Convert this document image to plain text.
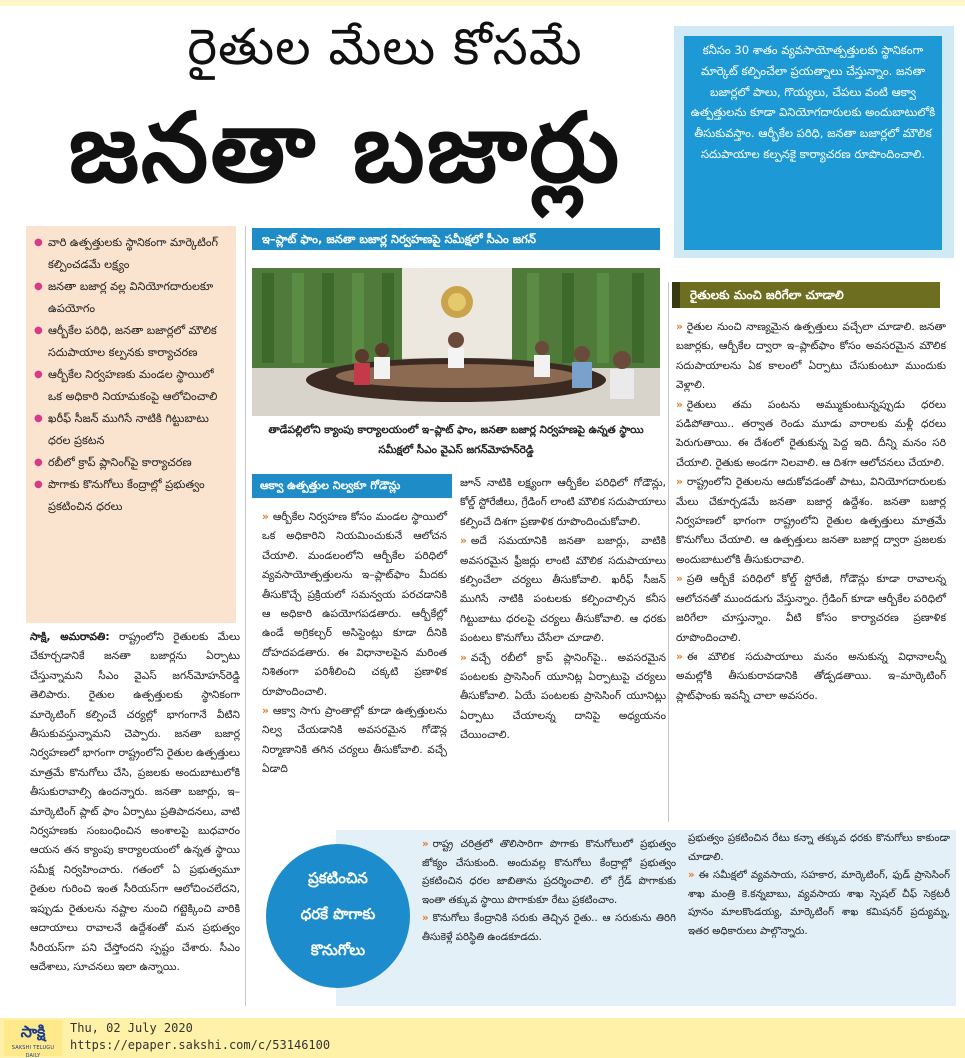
రైతుల మేలు కోసమే
జనతా బజార్లు
కనీసం 30 శాతం వ్యవసాయోత్పత్తులకు స్థానికంగా మార్కెట్‌ కల్పించేలా ప్రయత్నాలు చేస్తున్నాం. జనతా బజార్లలో పాలు, గొయ్యలు, చేపలు వంటి ఆక్వా ఉత్పత్తులను కూడా వినియోగదారులకు అందుబాటులోకి తీసుకువస్తాం. ఆర్బీకేల పరిధి, జనతా బజార్లలో మౌలిక సదుపాయాల కల్పనకై కార్యాచరణ రూపొందించాలి.
● వారి ఉత్పత్తులకు స్థానికంగా మార్కెటింగ్‌ కల్పించడమే లక్ష్యం
● జనతా బజార్ల వల్ల వినియోగదారులకూ ఉపయోగం
● ఆర్బీకేల పరిధి, జనతా బజార్లలో మౌలిక సదుపాయాల కల్పనకు కార్యాచరణ
● ఆర్బీకేల నిర్వహణకు మండల స్థాయిలో ఒక అధికారి నియామకంపై ఆలోచించాలి
● ఖరీఫ్‌ సీజన్‌ ముగిసే నాటికి గిట్టుబాటు ధరల ప్రకటన
● రబీలో క్రాప్‌ ప్లానింగ్‌పై కార్యాచరణ
● పొగాకు కొనుగోలు కేంద్రాల్లో ప్రభుత్వం ప్రకటించిన ధరలు
ఇ–ప్లాట్‌ ఫాం, జనతా బజార్ల నిర్వహణపై సమీక్షలో సీఎం జగన్‌
తాడేపల్లిలోని క్యాంపు కార్యాలయంలో ఇ–ప్లాట్‌ ఫాం, జనతా బజార్ల నిర్వహణపై ఉన్నత స్థాయి సమీక్షలో సీఎం వైఎస్‌ జగన్‌మోహన్‌రెడ్డి
రైతులకు మంచి జరిగేలా చూడాలి

» రైతుల నుంచి నాణ్యమైన ఉత్పత్తులు వచ్చేలా చూడాలి. జనతా బజార్లకు, ఆర్బీకేల ద్వారా ఇ–ప్లాట్‌ఫాం కోసం అవసరమైన మౌలిక సదుపాయాలను ఏక కాలంలో ఏర్పాటు చేసుకుంటూ ముందుకు వెళ్లాలి.

» రైతులు తమ పంటను అమ్ముకుంటున్నప్పుడు ధరలు పడిపోతాయి.. తర్వాత రెండు మూడు వారాలకు మళ్లీ ధరలు పెరుగుతాయి. ఈ దేశంలో రైతుకున్న పెద్ద ఇది. దీన్ని మనం సరి చేయాలి. రైతుకు అండగా నిలవాలి. ఆ దిశగా ఆలోచనలు చేయాలి.

» రాష్ట్రంలోని రైతులను ఆదుకోవడంతో పాటు, వినియోగదారులకు మేలు చేకూర్చడమే జనతా బజార్ల ఉద్దేశం. జనతా బజార్ల నిర్వహణలో భాగంగా రాష్ట్రంలోని రైతుల ఉత్పత్తులు మాత్రమే కొనుగోలు చేయాలి. ఆ ఉత్పత్తులు జనతా బజార్ల ద్వారా ప్రజలకు అందుబాటులోకి తీసుకురావాలి.

» ప్రతి ఆర్బీకే పరిధిలో కోల్డ్‌ స్టోరేజీ, గోడౌన్లు కూడా రావాలన్న ఆలోచనతో ముందడుగు వేస్తున్నాం. గ్రేడింగ్‌ కూడా ఆర్బీకేల పరిధిలో జరిగేలా చూస్తున్నాం. వీటి కోసం కార్యాచరణ ప్రణాళిక రూపొందించాలి.

» ఈ మౌలిక సదుపాయాలు మనం అనుకున్న విధానాలన్నీ అమల్లోకి తీసుకురావడానికి తోడ్పడతాయి. ఇ–మార్కెటింగ్‌ ప్లాట్‌ఫాంకు ఇవన్నీ చాలా అవసరం.

ఆక్వా ఉత్పత్తుల నిల్వకూ గోడౌన్లు

» ఆర్బీకేల నిర్వహణ కోసం మండల స్థాయిలో ఒక అధికారిని నియమించుకునే ఆలోచన చేయాలి. మండలంలోని ఆర్బీకేల పరిధిలో వ్యవసాయోత్పత్తులను ఇ–ప్లాట్‌ఫాం మీదకు తీసుకొచ్చే ప్రక్రియలో సమన్వయ పరచడానికి ఆ అధికారి ఉపయోగపడతారు. ఆర్బీకేల్లో ఉండే అగ్రికల్చర్‌ అసిస్టెంట్లు కూడా దీనికి దోహదపడతారు. ఈ విధానాలపైన మరింత నిశితంగా పరిశీలించి చక్కటి ప్రణాళిక రూపొందించాలి.

» ఆక్వా సాగు ప్రాంతాల్లో కూడా ఉత్పత్తులను నిల్వ చేయడానికి అవసరమైన గోడౌన్ల నిర్మాణానికి తగిన చర్యలు తీసుకోవాలి. వచ్చే ఏడాది

జూన్‌ నాటికి లక్ష్యంగా ఆర్బీకేల పరిధిలో గోడౌన్లు, కోల్డ్‌ స్టోరేజీలు, గ్రేడింగ్‌ లాంటి మౌలిక సదుపాయాలు కల్పించే దిశగా ప్రణాళిక రూపొందించుకోవాలి.

» అదే సమయానికి జనతా బజార్లు, వాటికి అవసరమైన ఫ్రీజర్లు లాంటి మౌలిక సదుపాయాలు కల్పించేలా చర్యలు తీసుకోవాలి. ఖరీఫ్‌ సీజన్‌ ముగిసే నాటికి పంటలకు కల్పించాల్సిన కనీస గిట్టుబాటు ధరలపై చర్యలు తీసుకోవాలి. ఆ ధరకు పంటలు కొనుగోలు చేసేలా చూడాలి.

» వచ్చే రబీలో క్రాప్‌ ప్లానింగ్‌పై.. అవసరమైన పంటలకు ప్రాసెసింగ్‌ యూనిట్ల ఏర్పాటుపై చర్యలు తీసుకోవాలి. ఏయే పంటలకు ప్రాసెసింగ్‌ యూనిట్లు ఏర్పాటు చేయాలన్న దానిపై అధ్యయనం చేయించాలి.

సాక్షి, అమరావతి: రాష్ట్రంలోని రైతులకు మేలు చేకూర్చడానికే జనతా బజార్లను ఏర్పాటు చేస్తున్నామని సీఎం వైఎస్‌ జగన్‌మోహన్‌రెడ్డి తెలిపారు. రైతుల ఉత్పత్తులకు స్థానికంగా మార్కెటింగ్‌ కల్పించే చర్యల్లో భాగంగానే వీటిని తీసుకువస్తున్నామని చెప్పారు. జనతా బజార్ల నిర్వహణలో భాగంగా రాష్ట్రంలోని రైతుల ఉత్పత్తులు మాత్రమే కొనుగోలు చేసి, ప్రజలకు అందుబాటులోకి తీసుకురావాల్సి ఉందన్నారు. జనతా బజార్లు, ఇ–మార్కెటింగ్‌ ప్లాట్‌ ఫాం ఏర్పాటు ప్రతిపాదనలు, వాటి నిర్వహణకు సంబంధించిన అంశాలపై బుధవారం ఆయన తన క్యాంపు కార్యాలయంలో ఉన్నత స్థాయి సమీక్ష నిర్వహించారు. గతంలో ఏ ప్రభుత్వమూ రైతుల గురించి ఇంత సీరియస్‌గా ఆలోచించలేదని, ఇప్పుడు రైతులను నష్టాల నుంచి గట్టెక్కించి వారికి ఆదాయాలు రావాలనే ఉద్దేశంతో మన ప్రభుత్వం సీరియస్‌గా పని చేస్తోందని స్పష్టం చేశారు. సీఎం ఆదేశాలు, సూచనలు ఇలా ఉన్నాయి.

ప్రకటించిన
ధరకే పొగాకు
కొనుగోలు

» రాష్ట్ర చరిత్రలో తొలిసారిగా పొగాకు కొనుగోలులో ప్రభుత్వం జోక్యం చేసుకుంది. అందువల్ల కొనుగోలు కేంద్రాల్లో ప్రభుత్వం ప్రకటించిన ధరల జాబితాను ప్రదర్శించాలి. లో గ్రేడ్‌ పొగాకుకు ఇంతా తక్కువ స్థాయి పొగాకుకూ రేటు ప్రకటించాం.

» కొనుగోలు కేంద్రానికి సరుకు తెచ్చిన రైతు.. ఆ సరుకును తిరిగి తీసుకెళ్లే పరిస్థితి ఉండకూడదు.

ప్రభుత్వం ప్రకటించిన రేటు కన్నా తక్కువ ధరకు కొనుగోలు కాకుండా చూడాలి.

» ఈ సమీక్షలో వ్యవసాయ, సహకార, మార్కెటింగ్‌, ఫుడ్‌ ప్రాసెసింగ్‌ శాఖ మంత్రి కె.కన్నబాబు, వ్యవసాయ శాఖ స్పెషల్‌ చీఫ్‌ సెక్రటరీ పూనం మాలకొండయ్య, మార్కెటింగ్‌ శాఖ కమిషనర్‌ ప్రద్యుమ్న, ఇతర అధికారులు పాల్గొన్నారు.

సాక్షి
SAKSHI TELUGU DAILY
Thu, 02 July 2020
https://epaper.sakshi.com/c/53146100
